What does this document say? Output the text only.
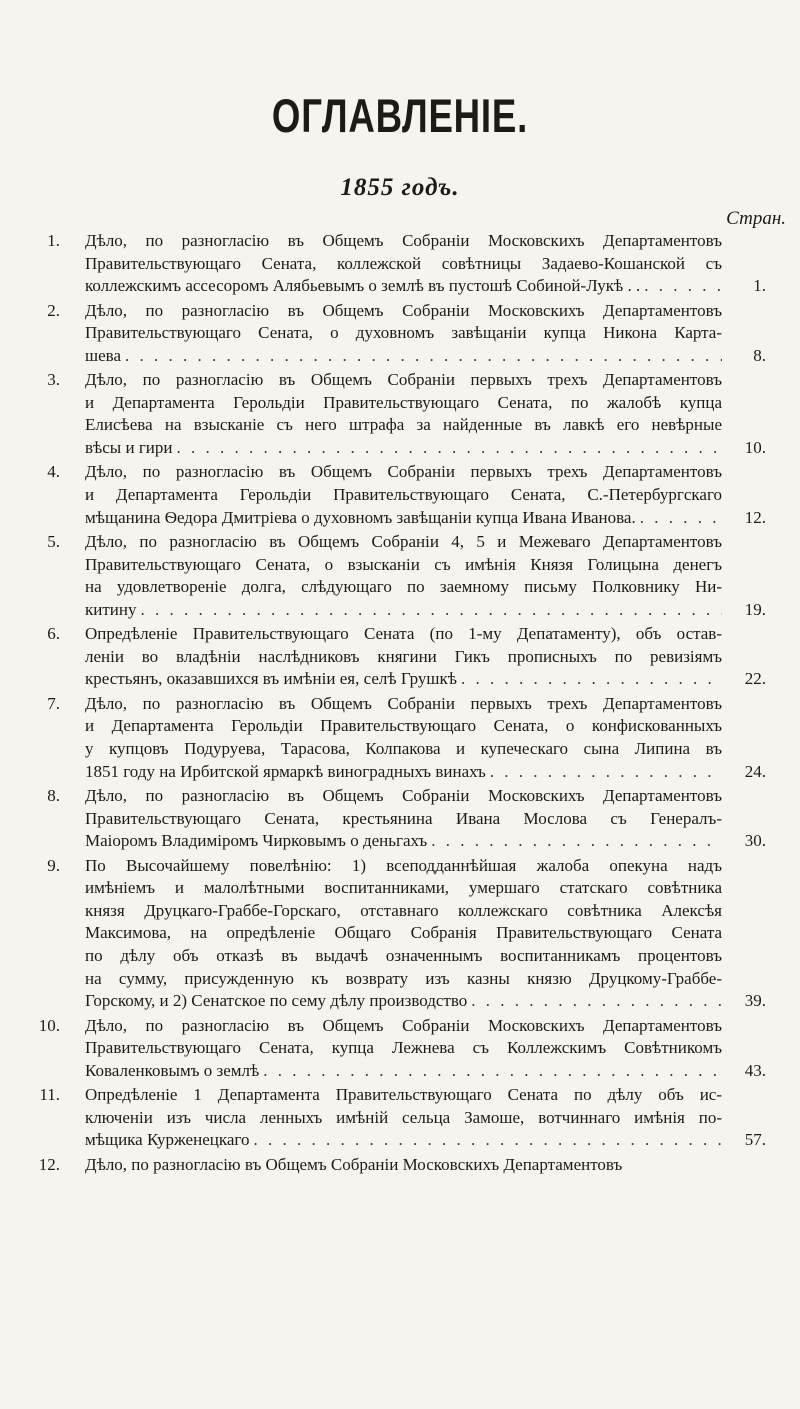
ОГЛАВЛЕНІЕ.
1855 годъ.
Стран.
1. Дѣло, по разногласію въ Общемъ Собраніи Московскихъ Департаментовъ
Правительствующаго Сената, коллежской совѣтницы Задаево-Кошанской съ
коллежскимъ ассесоромъ Алябьевымъ о землѣ въ пустошѣ Собиной-Лукѣ . . . . .	1.
2. Дѣло, по разногласію въ Общемъ Собраніи Московскихъ Департаментовъ
Правительствующаго Сената, о духовномъ завѣщаніи купца Никона Карта-
шева . . .	8.
3. Дѣло, по разногласію въ Общемъ Собраніи первыхъ трехъ Департаментовъ
и Департамента Герольдіи Правительствующаго Сената, по жалобѣ купца
Елисѣева на взысканіе съ него штрафа за найденные въ лавкѣ его невѣрные
вѣсы и гири . . .	10.
4. Дѣло, по разногласію въ Общемъ Собраніи первыхъ трехъ Департаментовъ
и Департамента Герольдіи Правительствующаго Сената, С.-Петербургскаго
мѣщанина Ѳедора Дмитріева о духовномъ завѣщаніи купца Ивана Иванова. . . .	12.
5. Дѣло, по разногласію въ Общемъ Собраніи 4, 5 и Межеваго Департаментовъ
Правительствующаго Сената, о взысканіи съ имѣнія Князя Голицына денегъ
на удовлетвореніе долга, слѣдующаго по заемному письму Полковнику Ни-
китину . . .	19.
6. Опредѣленіе Правительствующаго Сената (по 1-му Депатаменту), объ остав-
леніи во владѣніи наслѣдниковъ княгини Гикъ прописныхъ по ревизіямъ
крестьянъ, оказавшихся въ имѣніи ея, селѣ Грушкѣ . . .	22.
7. Дѣло, по разногласію въ Общемъ Собраніи первыхъ трехъ Департаментовъ
и Департамента Герольдіи Правительствующаго Сената, о конфискованныхъ
у купцовъ Подуруева, Тарасова, Колпакова и купеческаго сына Липина въ
1851 году на Ирбитской ярмаркѣ виноградныхъ винахъ . . .	24.
8. Дѣло, по разногласію въ Общемъ Собраніи Московскихъ Департаментовъ
Правительствующаго Сената, крестьянина Ивана Мослова съ Генералъ-
Маіоромъ Владиміромъ Чирковымъ о деньгахъ . . .	30.
9. По Высочайшему повелѣнію: 1) всеподданнѣйшая жалоба опекуна надъ
имѣніемъ и малолѣтными воспитанниками, умершаго статскаго совѣтника
князя Друцкаго-Граббе-Горскаго, отставнаго коллежскаго совѣтника Алексѣя
Максимова, на опредѣленіе Общаго Собранія Правительствующаго Сената
по дѣлу объ отказѣ въ выдачѣ означеннымъ воспитанникамъ процентовъ
на сумму, присужденную къ возврату изъ казны князю Друцкому-Граббе-
Горскому, и 2) Сенатское по сему дѣлу производство . . .	39.
10. Дѣло, по разногласію въ Общемъ Собраніи Московскихъ Департаментовъ
Правительствующаго Сената, купца Лежнева съ Коллежскимъ Совѣтникомъ
Коваленковымъ о землѣ . . .	43.
11. Опредѣленіе 1 Департамента Правительствующаго Сената по дѣлу объ ис-
ключеніи изъ числа ленныхъ имѣній сельца Замоше, вотчиннаго имѣнія по-
мѣщика Курженецкаго . . .	57.
12. Дѣло, по разногласію въ Общемъ Собраніи Московскихъ Департаментовъ
